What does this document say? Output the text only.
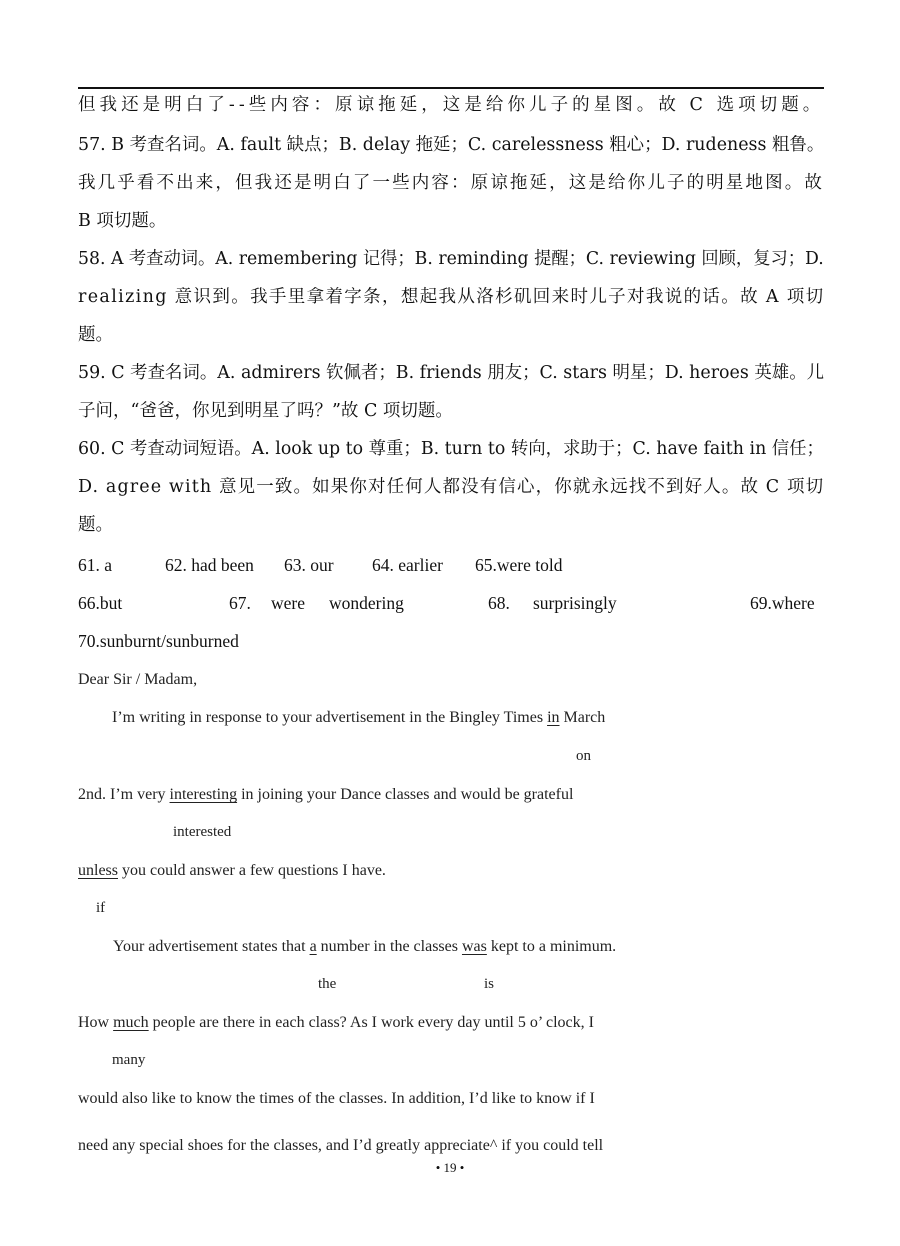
但我还是明白了--些内容：原谅拖延，这是给你儿子的星图。故 C 选项切题。
57. B 考查名词。A. fault 缺点；B. delay 拖延；C. carelessness 粗心；D. rudeness 粗鲁。
我几乎看不出来，但我还是明白了一些内容：原谅拖延，这是给你儿子的明星地图。故
B 项切题。
58. A 考查动词。A. remembering 记得；B. reminding 提醒；C. reviewing 回顾，复习；D.
realizing 意识到。我手里拿着字条，想起我从洛杉矶回来时儿子对我说的话。故 A 项切
题。
59. C 考查名词。A. admirers 钦佩者；B. friends 朋友；C. stars 明星；D. heroes 英雄。儿
子问，“爸爸，你见到明星了吗？”故 C 项切题。
60. C 考查动词短语。A. look up to 尊重；B. turn to 转向，求助于；C. have faith in 信任；
D. agree with 意见一致。如果你对任何人都没有信心，你就永远找不到好人。故 C 项切
题。
61. a	62. had been 63. our 64. earlier 65.were told
66.but	67. were wondering	68. surprisingly	69.where
70.sunburnt/sunburned
Dear Sir / Madam,
I’m writing in response to your advertisement in the Bingley Times in March
on
2nd. I’m very interesting in joining your Dance classes and would be grateful
interested
unless you could answer a few questions I have.
if
Your advertisement states that a number in the classes was kept to a minimum.
the	is
How much people are there in each class? As I work every day until 5 o’ clock, I
many
would also like to know the times of the classes. In addition, I’d like to know if I
need any special shoes for the classes, and I’d greatly appreciate^ if you could tell
• 19 •
